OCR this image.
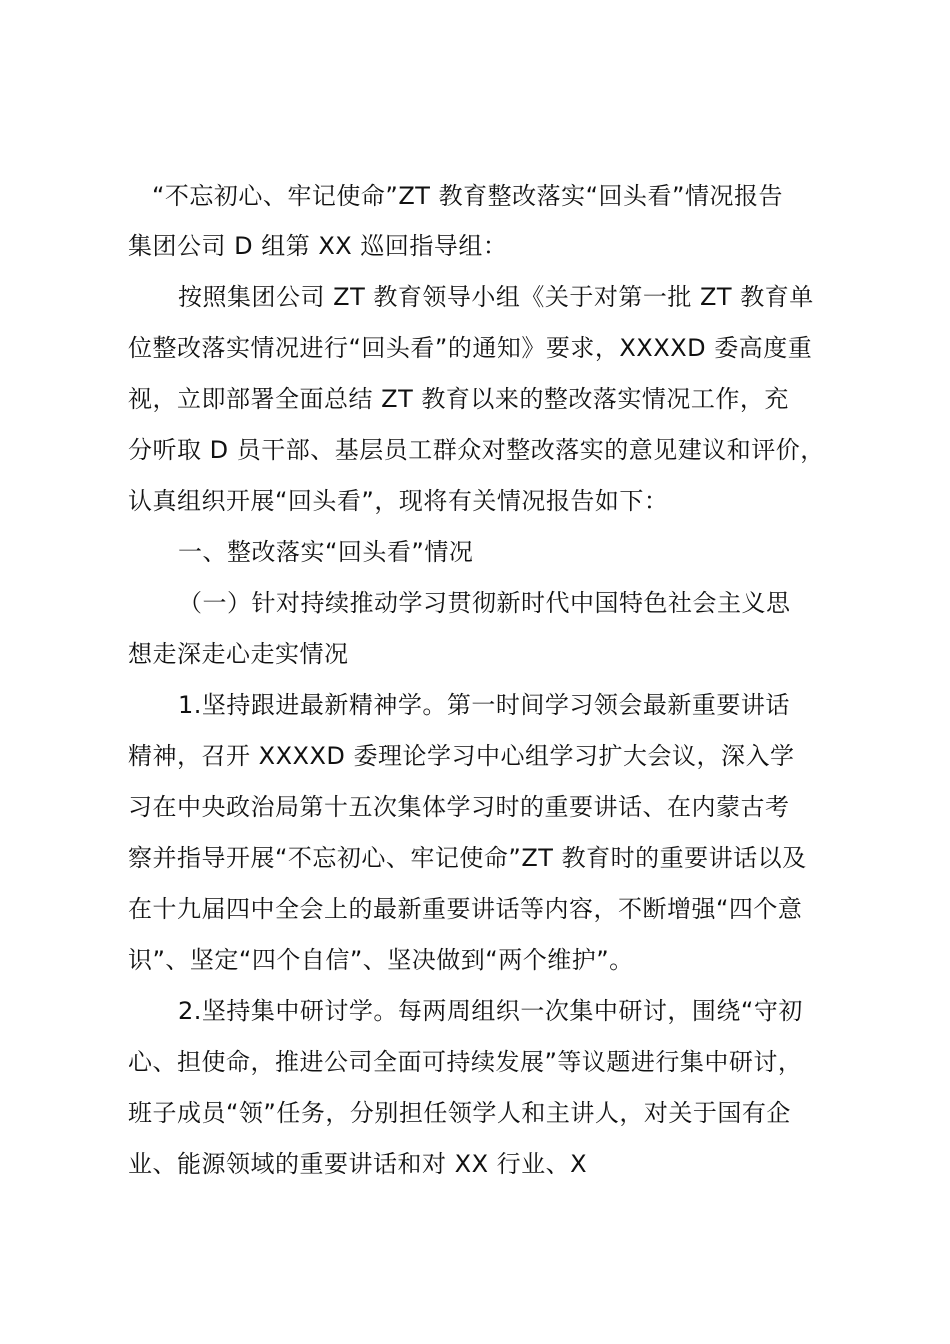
“不忘初心、牢记使命”ZT 教育整改落实“回头看”情况报告
集团公司 D 组第 XX 巡回指导组：
按照集团公司 ZT 教育领导小组《关于对第一批 ZT 教育单
位整改落实情况进行“回头看”的通知》要求，XXXXD 委高度重
视，立即部署全面总结 ZT 教育以来的整改落实情况工作，充
分听取 D 员干部、基层员工群众对整改落实的意见建议和评价，
认真组织开展“回头看”，现将有关情况报告如下：
一、整改落实“回头看”情况
（一）针对持续推动学习贯彻新时代中国特色社会主义思
想走深走心走实情况
1.坚持跟进最新精神学。第一时间学习领会最新重要讲话
精神，召开 XXXXD 委理论学习中心组学习扩大会议，深入学
习在中央政治局第十五次集体学习时的重要讲话、在内蒙古考
察并指导开展“不忘初心、牢记使命”ZT 教育时的重要讲话以及
在十九届四中全会上的最新重要讲话等内容，不断增强“四个意
识”、坚定“四个自信”、坚决做到“两个维护”。
2.坚持集中研讨学。每两周组织一次集中研讨，围绕“守初
心、担使命，推进公司全面可持续发展”等议题进行集中研讨，
班子成员“领”任务，分别担任领学人和主讲人，对关于国有企
业、能源领域的重要讲话和对 XX 行业、X
